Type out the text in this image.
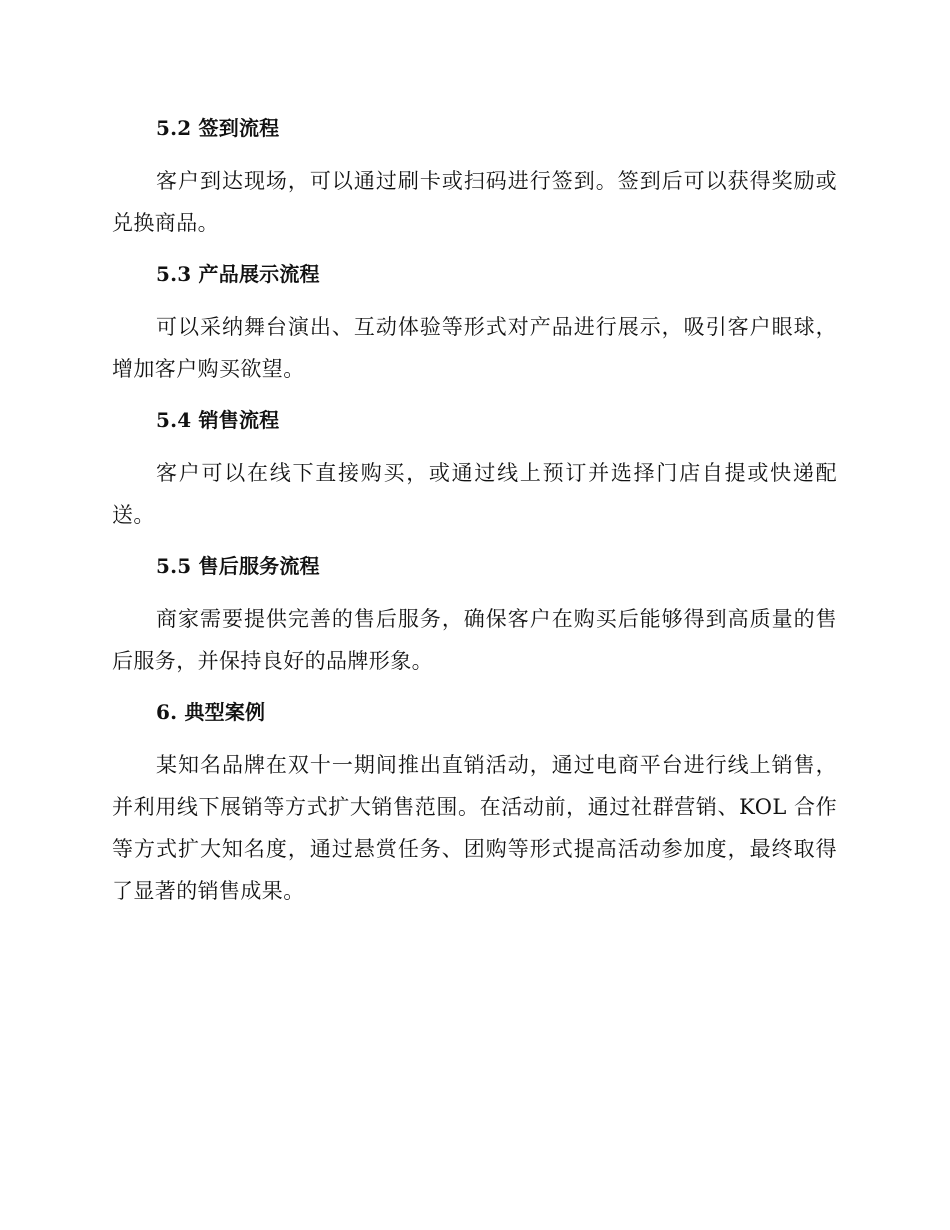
5.2 签到流程

客户到达现场，可以通过刷卡或扫码进行签到。签到后可以获得奖励或兑换商品。

5.3 产品展示流程

可以采纳舞台演出、互动体验等形式对产品进行展示，吸引客户眼球，增加客户购买欲望。

5.4 销售流程

客户可以在线下直接购买，或通过线上预订并选择门店自提或快递配送。

5.5 售后服务流程

商家需要提供完善的售后服务，确保客户在购买后能够得到高质量的售后服务，并保持良好的品牌形象。

6. 典型案例

某知名品牌在双十一期间推出直销活动，通过电商平台进行线上销售，并利用线下展销等方式扩大销售范围。在活动前，通过社群营销、KOL 合作等方式扩大知名度，通过悬赏任务、团购等形式提高活动参加度，最终取得了显著的销售成果。
